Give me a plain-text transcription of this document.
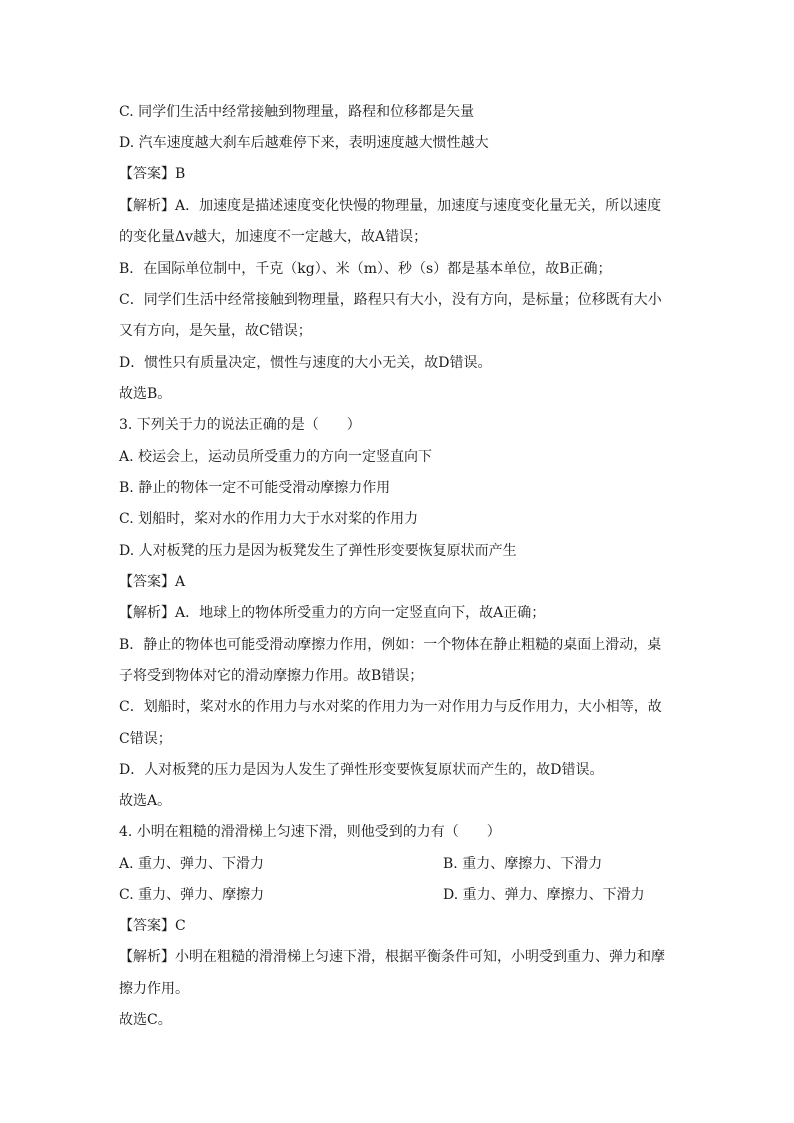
C. 同学们生活中经常接触到物理量，路程和位移都是矢量
D. 汽车速度越大刹车后越难停下来，表明速度越大惯性越大
【 答案 】 B
【 解析 】 A．加速度是描述速度变化快慢的物理量，加速度与速度变化量无关，所以速度
的变化量Δv越大，加速度不一定越大，故A错误；
B．在国际单位制中，千克（kg）、米（m）、秒（s）都是基本单位，故B正确；
C．同学们生活中经常接触到物理量，路程只有大小，没有方向，是标量；位移既有大小
又有方向，是矢量，故C错误；
D．惯性只有质量决定，惯性与速度的大小无关，故D错误。
故选B。
3. 下列关于力的说法正确的是（　　）
A. 校运会上，运动员所受重力的方向一定竖直向下
B. 静止的物体一定不可能受滑动摩擦力作用
C. 划船时，桨对水的作用力大于水对桨的作用力
D. 人对板凳的压力是因为板凳发生了弹性形变要恢复原状而产生
【 答案 】 A
【 解析 】 A．地球上的物体所受重力的方向一定竖直向下，故A正确；
B．静止的物体也可能受滑动摩擦力作用，例如：一个物体在静止粗糙的桌面上滑动，桌
子将受到物体对它的滑动摩擦力作用。故B错误；
C．划船时，桨对水的作用力与水对桨的作用力为一对作用力与反作用力，大小相等，故
C错误；
D．人对板凳的压力是因为人发生了弹性形变要恢复原状而产生的，故D错误。
故选A。
4. 小明在粗糙的滑滑梯上匀速下滑，则他受到的力有（　　）
A. 重力、弹力、下滑力	B. 重力、摩擦力、下滑力
C. 重力、弹力、摩擦力	D. 重力、弹力、摩擦力、下滑力
【 答案 】 C
【 解析 】 小明在粗糙的滑滑梯上匀速下滑，根据平衡条件可知，小明受到重力、弹力和摩
擦力作用。
故选C。
